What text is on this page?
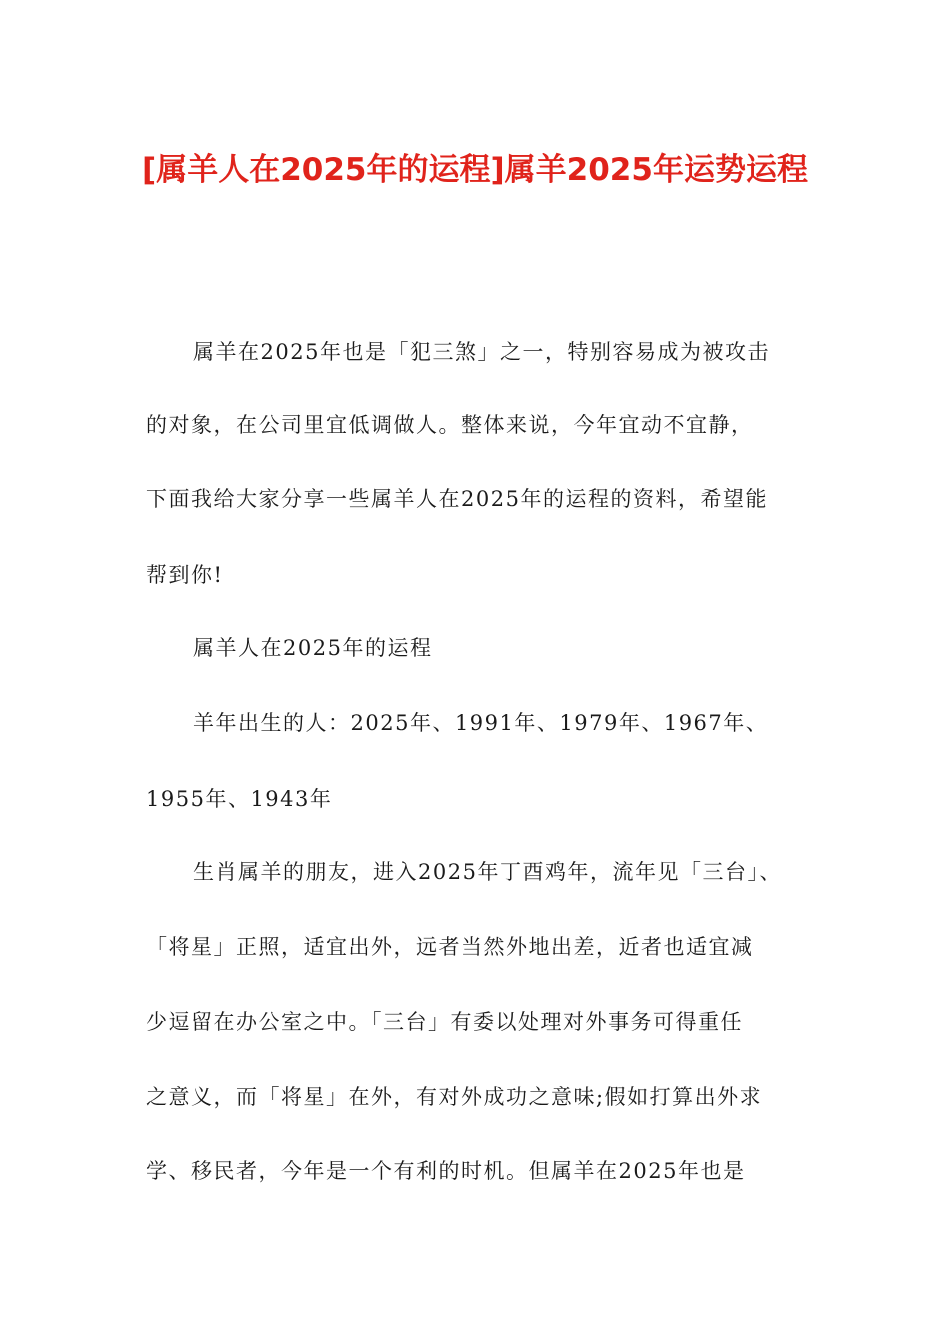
[属羊人在2025年的运程]属羊2025年运势运程

属羊在2025年也是「犯三煞」之一，特别容易成为被攻击

的对象，在公司里宜低调做人。整体来说，今年宜动不宜静，

下面我给大家分享一些属羊人在2025年的运程的资料，希望能

帮到你!

属羊人在2025年的运程

羊年出生的人：2025年、1991年、1979年、1967年、

1955年、1943年

生肖属羊的朋友，进入2025年丁酉鸡年，流年见「三台」、

「将星」正照，适宜出外，远者当然外地出差，近者也适宜减

少逗留在办公室之中。「三台」有委以处理对外事务可得重任

之意义，而「将星」在外，有对外成功之意味;假如打算出外求

学、移民者，今年是一个有利的时机。但属羊在2025年也是
